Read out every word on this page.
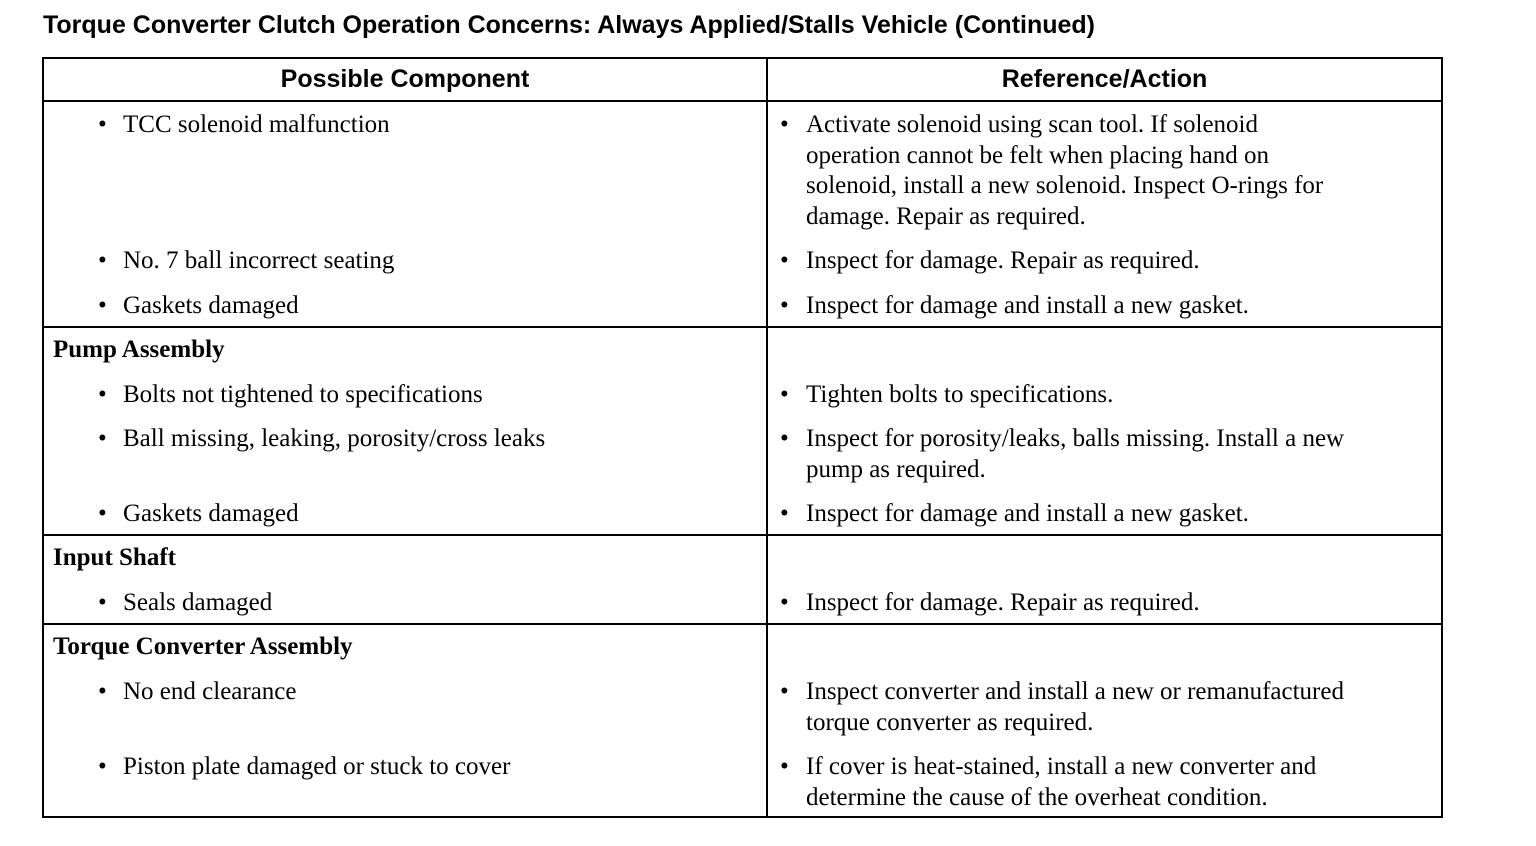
Torque Converter Clutch Operation Concerns: Always Applied/Stalls Vehicle (Continued)
Possible Component	Reference/Action
• TCC solenoid malfunction	• Activate solenoid using scan tool. If solenoid
operation cannot be felt when placing hand on
solenoid, install a new solenoid. Inspect O-rings for
damage. Repair as required.
• No. 7 ball incorrect seating	• Inspect for damage. Repair as required.
• Gaskets damaged	• Inspect for damage and install a new gasket.
Pump Assembly
• Bolts not tightened to specifications	• Tighten bolts to specifications.
• Ball missing, leaking, porosity/cross leaks	• Inspect for porosity/leaks, balls missing. Install a new
pump as required.
• Gaskets damaged	• Inspect for damage and install a new gasket.
Input Shaft
• Seals damaged	• Inspect for damage. Repair as required.
Torque Converter Assembly
• No end clearance	• Inspect converter and install a new or remanufactured
torque converter as required.
• Piston plate damaged or stuck to cover	• If cover is heat-stained, install a new converter and
determine the cause of the overheat condition.
